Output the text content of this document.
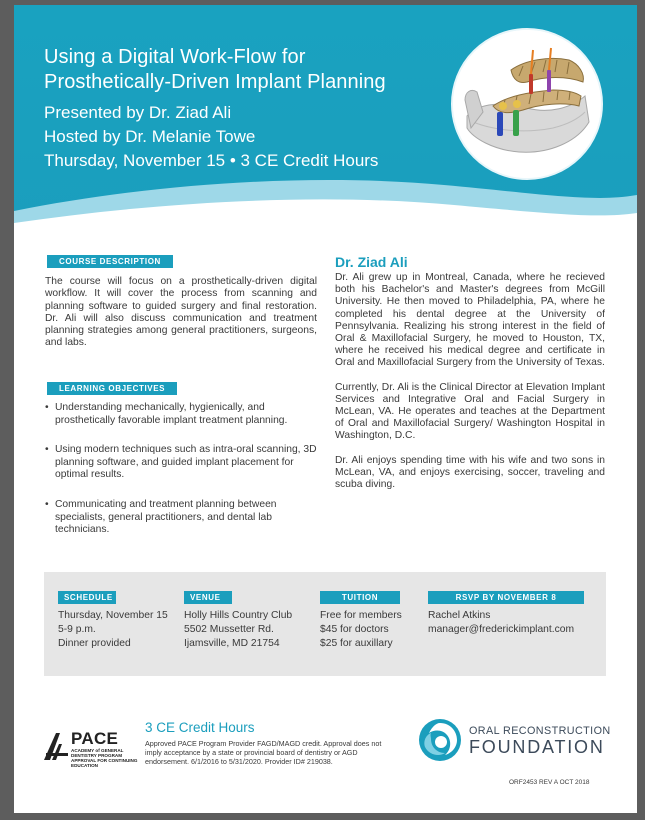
Using a Digital Work-Flow for

Prosthetically-Driven Implant Planning

Presented by Dr. Ziad Ali

Hosted by Dr. Melanie Towe

Thursday, November 15 • 3 CE Credit Hours

COURSE DESCRIPTION

The course will focus on a prosthetically-driven digital workflow. It will cover the process from scanning and planning software to guided surgery and final restoration. Dr. Ali will also discuss communication and treatment planning strategies among general practitioners, surgeons, and labs.

LEARNING OBJECTIVES
• Understanding mechanically, hygienically, and prosthetically favorable implant treatment planning.
• Using modern techniques such as intra-oral scanning, 3D planning software, and guided implant placement for optimal results.
• Communicating and treatment planning between specialists, general practitioners, and dental lab technicians.

Dr. Ziad Ali

Dr. Ali grew up in Montreal, Canada, where he recieved both his Bachelor's and Master's degrees from McGill University. He then moved to Philadelphia, PA, where he completed his dental degree at the University of Pennsylvania. Realizing his strong interest in the field of Oral & Maxillofacial Surgery, he moved to Houston, TX, where he received his medical degree and certificate in Oral and Maxillofacial Surgery from the University of Texas.

Currently, Dr. Ali is the Clinical Director at Elevation Implant Services and Integrative Oral and Facial Surgery in McLean, VA. He operates and teaches at the Department of Oral and Maxillofacial Surgery/ Washington Hospital in Washington, D.C.

Dr. Ali enjoys spending time with his wife and two sons in McLean, VA, and enjoys exercising, soccer, traveling and scuba diving.

SCHEDULE
Thursday, November 15
5-9 p.m.
Dinner provided
VENUE
Holly Hills Country Club
5502 Mussetter Rd.
Ijamsville, MD 21754
TUITION
Free for members
$45 for doctors
$25 for auxillary
RSVP BY NOVEMBER 8
Rachel Atkins
manager@frederickimplant.com
PACE
ACADEMY of GENERAL DENTISTRY PROGRAM APPROVAL FOR CONTINUING EDUCATION
3 CE Credit Hours
Approved PACE Program Provider FAGD/MAGD credit. Approval does not imply acceptance by a state or provincial board of dentistry or AGD endorsement. 6/1/2016 to 5/31/2020. Provider ID# 219038.
ORAL RECONSTRUCTION
FOUNDATION
ORF2453 REV A OCT 2018
